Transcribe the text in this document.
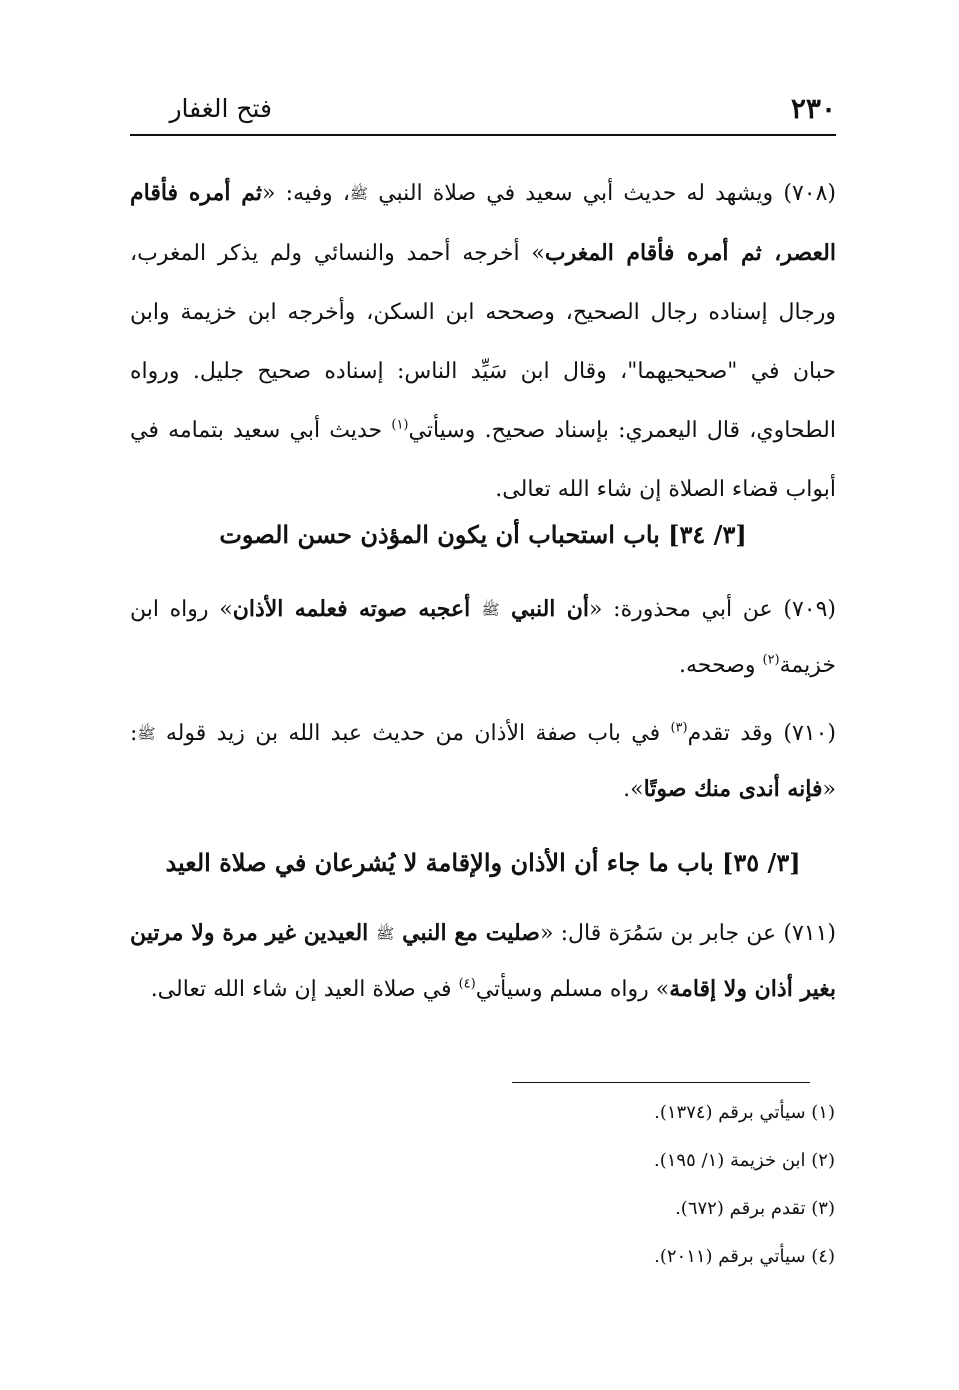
٢٣٠
فتح الغفار

(٧٠٨) ويشهد له حديث أبي سعيد في صلاة النبي ﷺ، وفيه: «ثم أمره فأقام العصر، ثم أمره فأقام المغرب» أخرجه أحمد والنسائي ولم يذكر المغرب، ورجال إسناده رجال الصحيح، وصححه ابن السكن، وأخرجه ابن خزيمة وابن حبان في "صحيحيهما"، وقال ابن سَيِّد الناس: إسناده صحيح جليل. ورواه الطحاوي، قال اليعمري: بإسناد صحيح. وسيأتي$^{(١)}$ حديث أبي سعيد بتمامه في أبواب قضاء الصلاة إن شاء الله تعالى.

[٣/ ٣٤] باب استحباب أن يكون المؤذن حسن الصوت

(٧٠٩) عن أبي محذورة: «أن النبي ﷺ أعجبه صوته فعلمه الأذان» رواه ابن خزيمة$^{(٢)}$ وصححه.

(٧١٠) وقد تقدم$^{(٣)}$ في باب صفة الأذان من حديث عبد الله بن زيد قوله ﷺ: «فإنه أندى منك صوتًا».

[٣/ ٣٥] باب ما جاء أن الأذان والإقامة لا يُشرعان في صلاة العيد

(٧١١) عن جابر بن سَمُرَة قال: «صليت مع النبي ﷺ العيدين غير مرة ولا مرتين بغير أذان ولا إقامة» رواه مسلم وسيأتي$^{(٤)}$ في صلاة العيد إن شاء الله تعالى.

(١) سيأتي برقم (١٣٧٤).

(٢) ابن خزيمة (١/ ١٩٥).

(٣) تقدم برقم (٦٧٢).

(٤) سيأتي برقم (٢٠١١).
